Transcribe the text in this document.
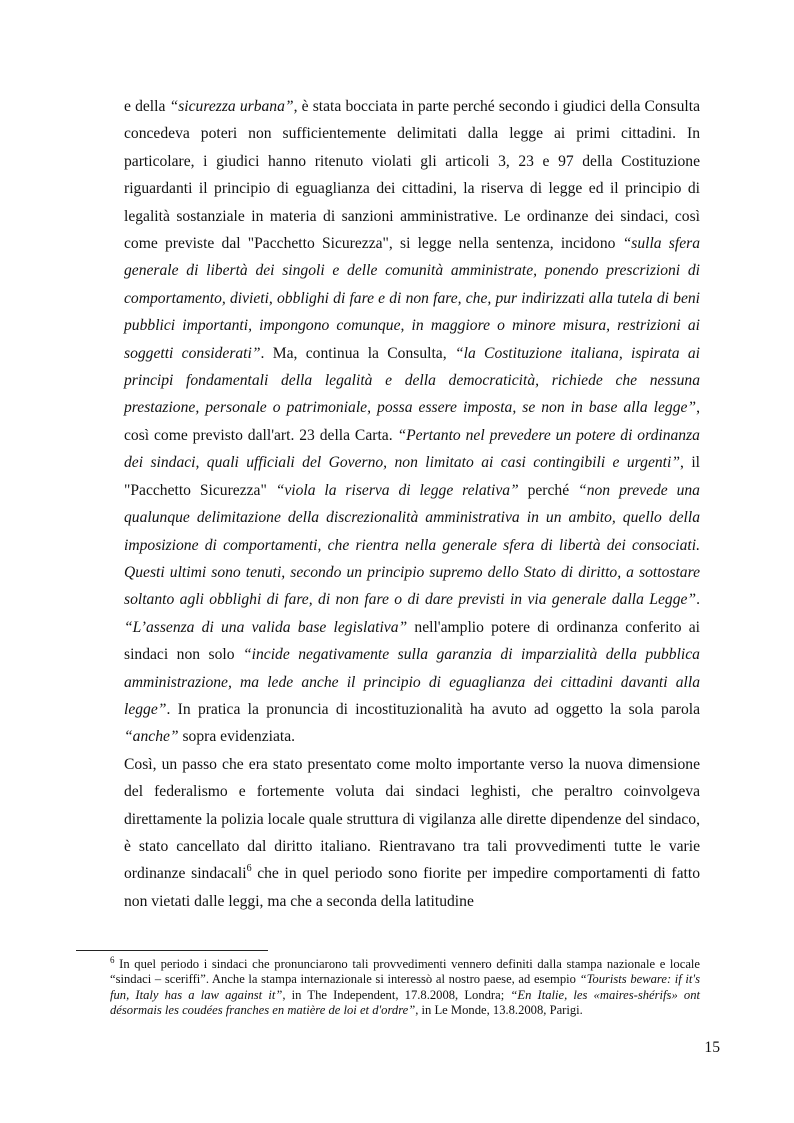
e della “sicurezza urbana”, è stata bocciata in parte perché secondo i giudici della Consulta concedeva poteri non sufficientemente delimitati dalla legge ai primi cittadini. In particolare, i giudici hanno ritenuto violati gli articoli 3, 23 e 97 della Costituzione riguardanti il principio di eguaglianza dei cittadini, la riserva di legge ed il principio di legalità sostanziale in materia di sanzioni amministrative. Le ordinanze dei sindaci, così come previste dal "Pacchetto Sicurezza", si legge nella sentenza, incidono “sulla sfera generale di libertà dei singoli e delle comunità amministrate, ponendo prescrizioni di comportamento, divieti, obblighi di fare e di non fare, che, pur indirizzati alla tutela di beni pubblici importanti, impongono comunque, in maggiore o minore misura, restrizioni ai soggetti considerati”. Ma, continua la Consulta, “la Costituzione italiana, ispirata ai principi fondamentali della legalità e della democraticità, richiede che nessuna prestazione, personale o patrimoniale, possa essere imposta, se non in base alla legge”, così come previsto dall'art. 23 della Carta. “Pertanto nel prevedere un potere di ordinanza dei sindaci, quali ufficiali del Governo, non limitato ai casi contingibili e urgenti”, il "Pacchetto Sicurezza" “viola la riserva di legge relativa” perché “non prevede una qualunque delimitazione della discrezionalità amministrativa in un ambito, quello della imposizione di comportamenti, che rientra nella generale sfera di libertà dei consociati. Questi ultimi sono tenuti, secondo un principio supremo dello Stato di diritto, a sottostare soltanto agli obblighi di fare, di non fare o di dare previsti in via generale dalla Legge”. “L’assenza di una valida base legislativa” nell'amplio potere di ordinanza conferito ai sindaci non solo “incide negativamente sulla garanzia di imparzialità della pubblica amministrazione, ma lede anche il principio di eguaglianza dei cittadini davanti alla legge”. In pratica la pronuncia di incostituzionalità ha avuto ad oggetto la sola parola “anche” sopra evidenziata.

Così, un passo che era stato presentato come molto importante verso la nuova dimensione del federalismo e fortemente voluta dai sindaci leghisti, che peraltro coinvolgeva direttamente la polizia locale quale struttura di vigilanza alle dirette dipendenze del sindaco, è stato cancellato dal diritto italiano. Rientravano tra tali provvedimenti tutte le varie ordinanze sindacali$^6$ che in quel periodo sono fiorite per impedire comportamenti di fatto non vietati dalle leggi, ma che a seconda della latitudine

$^6$ In quel periodo i sindaci che pronunciarono tali provvedimenti vennero definiti dalla stampa nazionale e locale “sindaci – sceriffi”. Anche la stampa internazionale si interessò al nostro paese, ad esempio “Tourists beware: if it's fun, Italy has a law against it”, in The Independent, 17.8.2008, Londra; “En Italie, les «maires-shérifs» ont désormais les coudées franches en matière de loi et d'ordre”, in Le Monde, 13.8.2008, Parigi.

15
